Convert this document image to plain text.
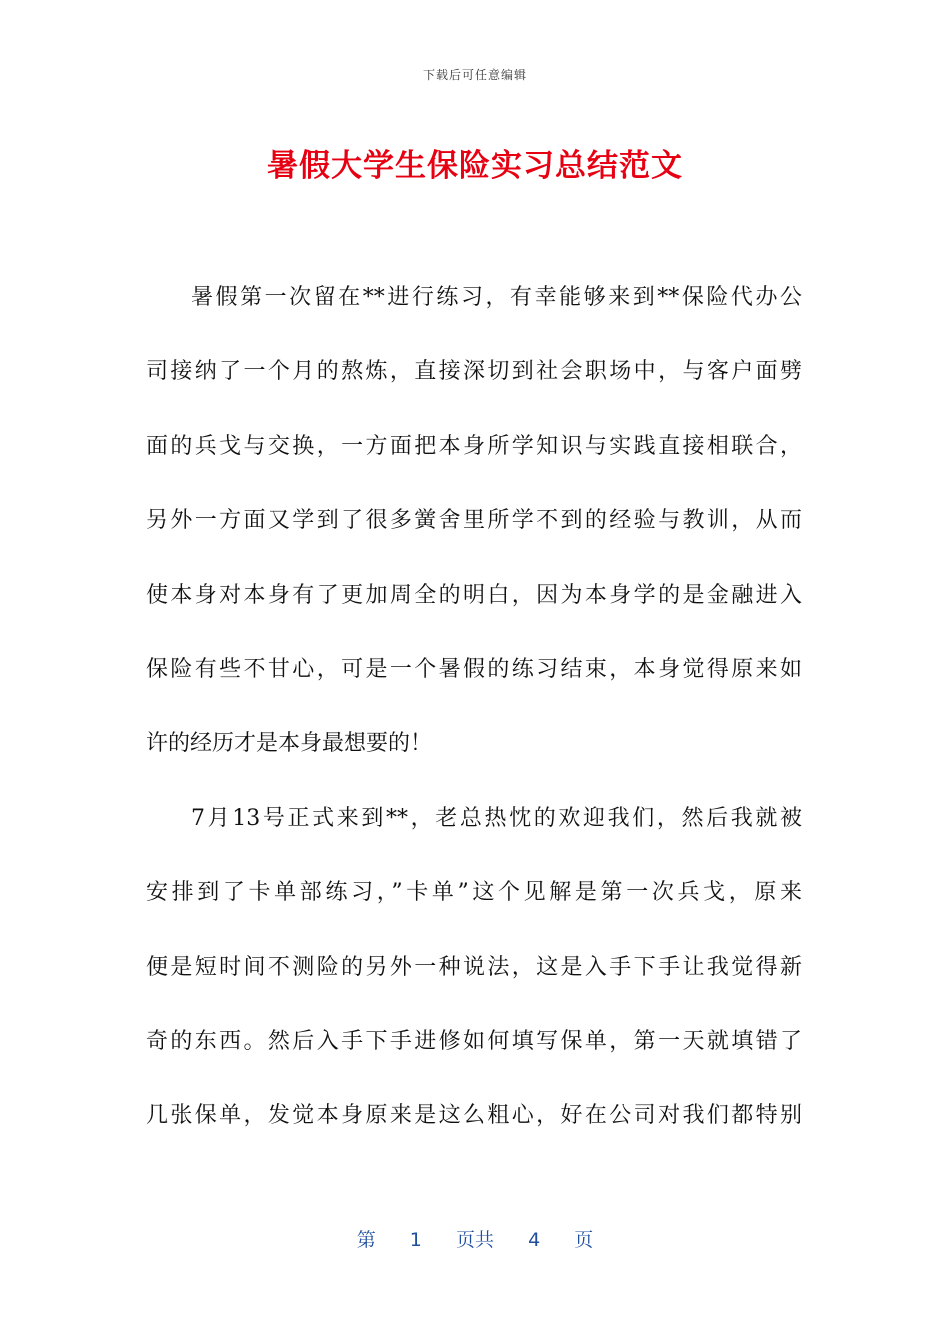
下载后可任意编辑
暑假大学生保险实习总结范文
暑假第一次留在**进行练习，有幸能够来到**保险代办公
司接纳了一个月的熬炼，直接深切到社会职场中，与客户面劈
面的兵戈与交换，一方面把本身所学知识与实践直接相联合，
另外一方面又学到了很多黉舍里所学不到的经验与教训，从而
使本身对本身有了更加周全的明白，因为本身学的是金融进入
保险有些不甘心，可是一个暑假的练习结束，本身觉得原来如
许的经历才是本身最想要的！
7月13号正式来到**，老总热忱的欢迎我们，然后我就被
安排到了卡单部练习，”卡单”这个见解是第一次兵戈，原来
便是短时间不测险的另外一种说法，这是入手下手让我觉得新
奇的东西。然后入手下手进修如何填写保单，第一天就填错了
几张保单，发觉本身原来是这么粗心，好在公司对我们都特别
第 1 页共 4 页
